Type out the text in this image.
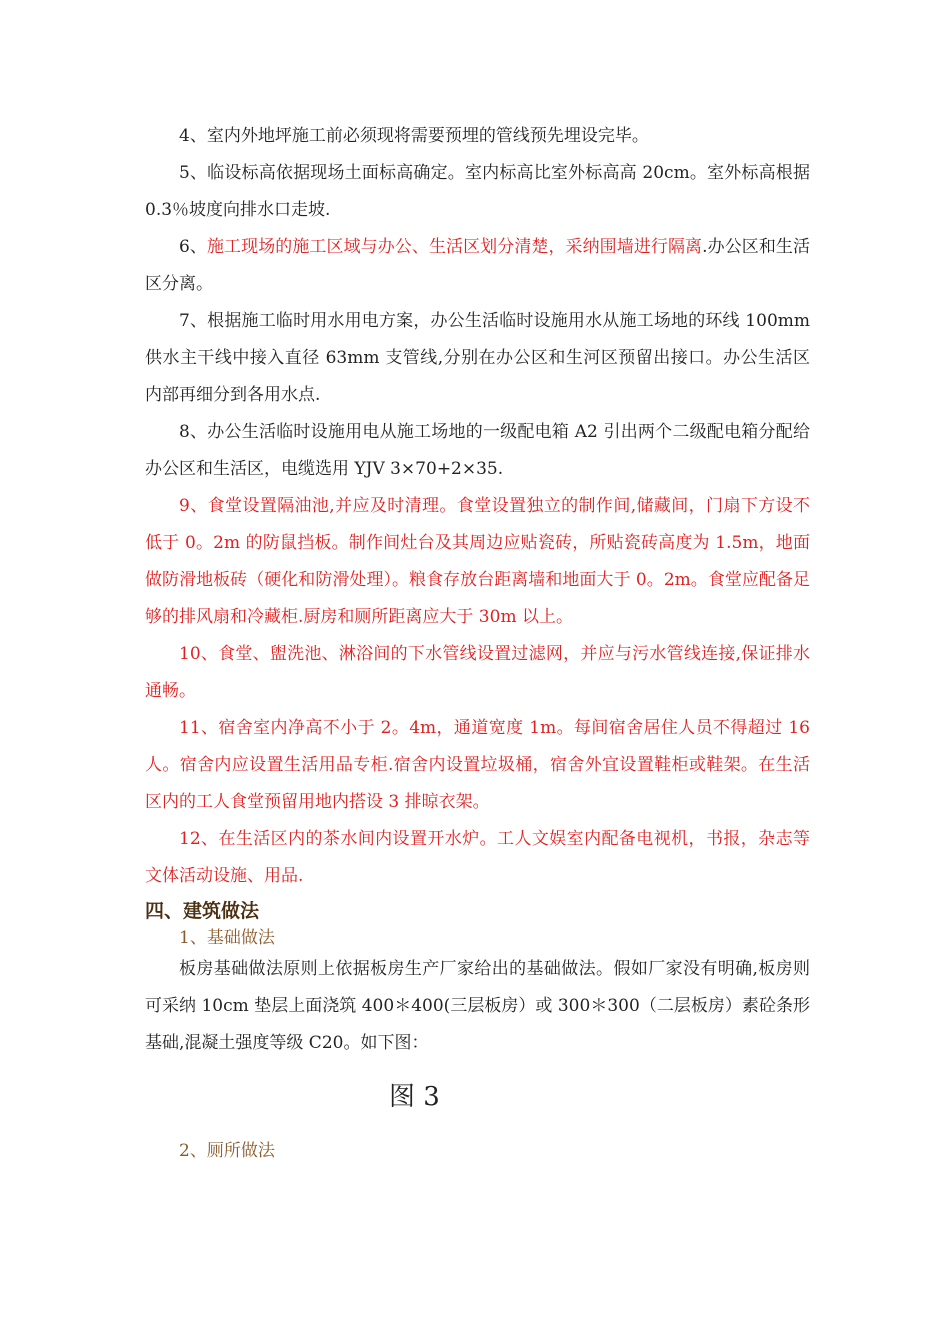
4、室内外地坪施工前必须现将需要预埋的管线预先埋设完毕。

5、临设标高依据现场土面标高确定。室内标高比室外标高高 20cm。室外标高根据 0.3％坡度向排水口走坡.

6、施工现场的施工区域与办公、生活区划分清楚，采纳围墙进行隔离.办公区和生活区分离。

7、根据施工临时用水用电方案，办公生活临时设施用水从施工场地的环线 100mm 供水主干线中接入直径 63mm 支管线,分别在办公区和生河区预留出接口。办公生活区内部再细分到各用水点.

8、办公生活临时设施用电从施工场地的一级配电箱 A2 引出两个二级配电箱分配给办公区和生活区，电缆选用 YJV 3×70+2×35.

9、食堂设置隔油池,并应及时清理。食堂设置独立的制作间,储藏间，门扇下方设不低于 0。2m 的防鼠挡板。制作间灶台及其周边应贴瓷砖，所贴瓷砖高度为 1.5m，地面做防滑地板砖（硬化和防滑处理）。粮食存放台距离墙和地面大于 0。2m。食堂应配备足够的排风扇和冷藏柜.厨房和厕所距离应大于 30m 以上。

10、食堂、盥洗池、淋浴间的下水管线设置过滤网，并应与污水管线连接,保证排水通畅。

11、宿舍室内净高不小于 2。4m，通道宽度 1m。每间宿舍居住人员不得超过 16 人。宿舍内应设置生活用品专柜.宿舍内设置垃圾桶，宿舍外宜设置鞋柜或鞋架。在生活区内的工人食堂预留用地内搭设 3 排晾衣架。

12、在生活区内的茶水间内设置开水炉。工人文娱室内配备电视机，书报，杂志等文体活动设施、用品.

四、建筑做法

1、基础做法

板房基础做法原则上依据板房生产厂家给出的基础做法。假如厂家没有明确,板房则可采纳 10cm 垫层上面浇筑 400＊400(三层板房）或 300＊300（二层板房）素砼条形基础,混凝土强度等级 C20。如下图：

图 3

2、厕所做法
